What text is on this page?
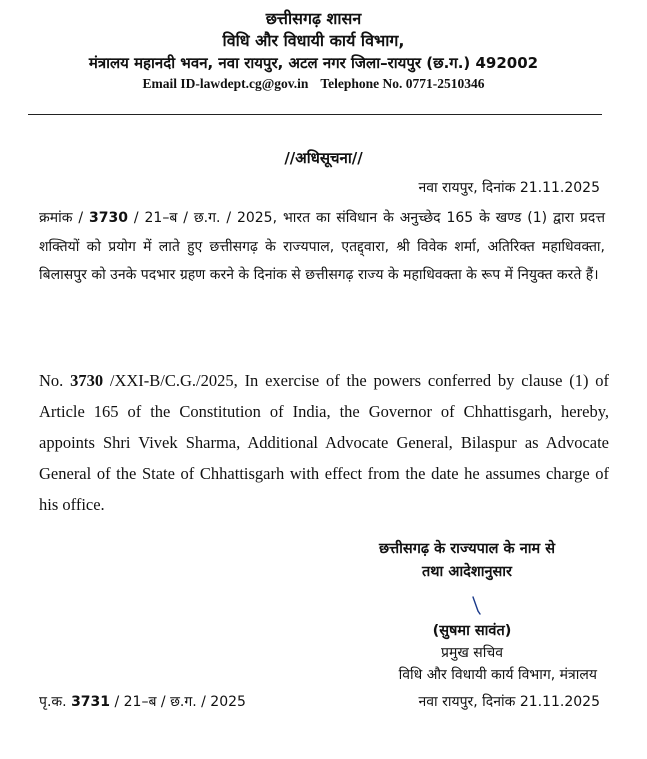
छत्तीसगढ़ शासन
विधि और विधायी कार्य विभाग,
मंत्रालय महानदी भवन, नवा रायपुर, अटल नगर जिला–रायपुर (छ.ग.) 492002
Email ID-lawdept.cg@gov.in Telephone No. 0771-2510346
//अधिसूचना//
नवा रायपुर, दिनांक 21.11.2025
क्रमांक / 3730 / 21–ब / छ.ग. / 2025, भारत का संविधान के अनुच्छेद 165 के खण्ड (1) द्वारा प्रदत्त शक्तियों को प्रयोग में लाते हुए छत्तीसगढ़ के राज्यपाल, एतद्द्वारा, श्री विवेक शर्मा, अतिरिक्त महाधिवक्ता, बिलासपुर को उनके पदभार ग्रहण करने के दिनांक से छत्तीसगढ़ राज्य के महाधिवक्ता के रूप में नियुक्त करते हैं।
No. 3730 /XXI-B/C.G./2025, In exercise of the powers conferred by clause (1) of Article 165 of the Constitution of India, the Governor of Chhattisgarh, hereby, appoints Shri Vivek Sharma, Additional Advocate General, Bilaspur as Advocate General of the State of Chhattisgarh with effect from the date he assumes charge of his office.
छत्तीसगढ़ के राज्यपाल के नाम से
तथा आदेशानुसार
(सुषमा सावंत)
प्रमुख सचिव
विधि और विधायी कार्य विभाग, मंत्रालय
पृ.क. 3731 / 21–ब / छ.ग. / 2025	नवा रायपुर, दिनांक 21.11.2025
